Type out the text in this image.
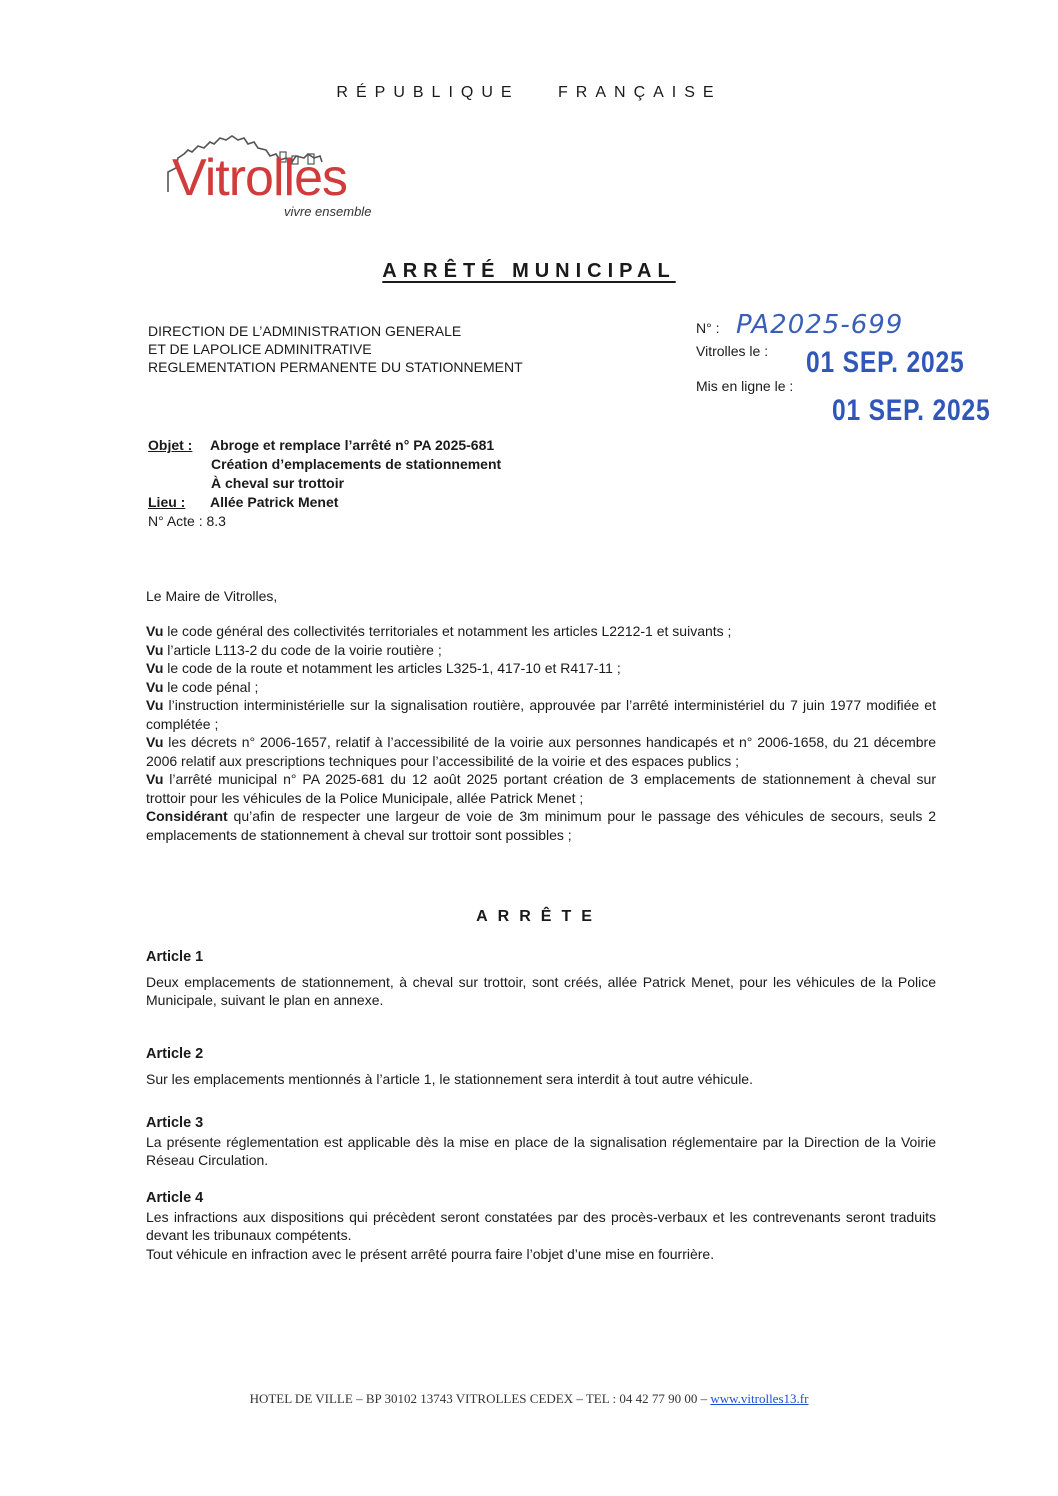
RÉPUBLIQUE FRANÇAISE
Vitrolles
vivre ensemble
ARRÊTÉ MUNICIPAL
DIRECTION DE L’ADMINISTRATION GENERALE
ET DE LAPOLICE ADMINITRATIVE
REGLEMENTATION PERMANENTE DU STATIONNEMENT
N° : PA2025-699
Vitrolles le : 01 SEP. 2025
Mis en ligne le :
01 SEP. 2025
Objet : Abroge et remplace l’arrêté n° PA 2025-681
Création d’emplacements de stationnement
À cheval sur trottoir
Lieu : Allée Patrick Menet
N° Acte : 8.3
Le Maire de Vitrolles,

Vu le code général des collectivités territoriales et notamment les articles L2212-1 et suivants ;

Vu l’article L113-2 du code de la voirie routière ;

Vu le code de la route et notamment les articles L325-1, 417-10 et R417-11 ;

Vu le code pénal ;

Vu l’instruction interministérielle sur la signalisation routière, approuvée par l’arrêté interministériel du 7 juin 1977 modifiée et complétée ;

Vu les décrets n° 2006-1657, relatif à l’accessibilité de la voirie aux personnes handicapés et n° 2006-1658, du 21 décembre 2006 relatif aux prescriptions techniques pour l’accessibilité de la voirie et des espaces publics ;

Vu l’arrêté municipal n° PA 2025-681 du 12 août 2025 portant création de 3 emplacements de stationnement à cheval sur trottoir pour les véhicules de la Police Municipale, allée Patrick Menet ;

Considérant qu’afin de respecter une largeur de voie de 3m minimum pour le passage des véhicules de secours, seuls 2 emplacements de stationnement à cheval sur trottoir sont possibles ;

ARRÊTE

Article 1

Deux emplacements de stationnement, à cheval sur trottoir, sont créés, allée Patrick Menet, pour les véhicules de la Police Municipale, suivant le plan en annexe.

Article 2

Sur les emplacements mentionnés à l’article 1, le stationnement sera interdit à tout autre véhicule.

Article 3

La présente réglementation est applicable dès la mise en place de la signalisation réglementaire par la Direction de la Voirie Réseau Circulation.

Article 4

Les infractions aux dispositions qui précèdent seront constatées par des procès-verbaux et les contrevenants seront traduits devant les tribunaux compétents.

Tout véhicule en infraction avec le présent arrêté pourra faire l’objet d’une mise en fourrière.

HOTEL DE VILLE – BP 30102 13743 VITROLLES CEDEX – TEL : 04 42 77 90 00 – www.vitrolles13.fr
